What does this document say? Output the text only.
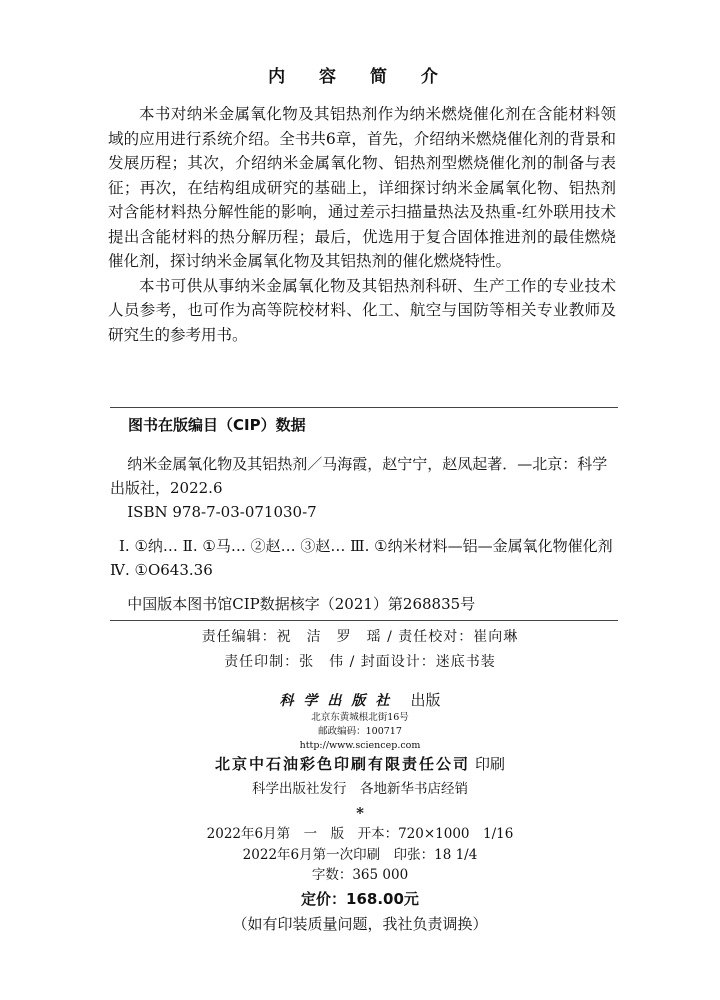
内 容 简 介

本书对纳米金属氧化物及其铝热剂作为纳米燃烧催化剂在含能材料领域的应用进行系统介绍。全书共6章，首先，介绍纳米燃烧催化剂的背景和发展历程；其次，介绍纳米金属氧化物、铝热剂型燃烧催化剂的制备与表征；再次，在结构组成研究的基础上，详细探讨纳米金属氧化物、铝热剂对含能材料热分解性能的影响，通过差示扫描量热法及热重-红外联用技术提出含能材料的热分解历程；最后，优选用于复合固体推进剂的最佳燃烧催化剂，探讨纳米金属氧化物及其铝热剂的催化燃烧特性。

本书可供从事纳米金属氧化物及其铝热剂科研、生产工作的专业技术人员参考，也可作为高等院校材料、化工、航空与国防等相关专业教师及研究生的参考用书。

图书在版编目（CIP）数据

纳米金属氧化物及其铝热剂／马海霞，赵宁宁，赵凤起著．—北京：科学出版社，2022.6

ISBN 978-7-03-071030-7

Ⅰ. ①纳… Ⅱ. ①马… ②赵… ③赵… Ⅲ. ①纳米材料—铝—金属氧化物催化剂 Ⅳ. ①O643.36

中国版本图书馆CIP数据核字（2021）第268835号

责任编辑：祝　洁　罗　瑶 / 责任校对：崔向琳
责任印制：张　伟 / 封面设计：迷底书装
科学出版社 出版
北京东黄城根北街16号
邮政编码：100717
http://www.sciencep.com
北京中石油彩色印刷有限责任公司 印刷
科学出版社发行　各地新华书店经销
*
2022年6月第　一　版　开本：720×1000　1/16
2022年6月第一次印刷　印张：18 1/4
字数：365 000
定价：168.00元
（如有印装质量问题，我社负责调换）
